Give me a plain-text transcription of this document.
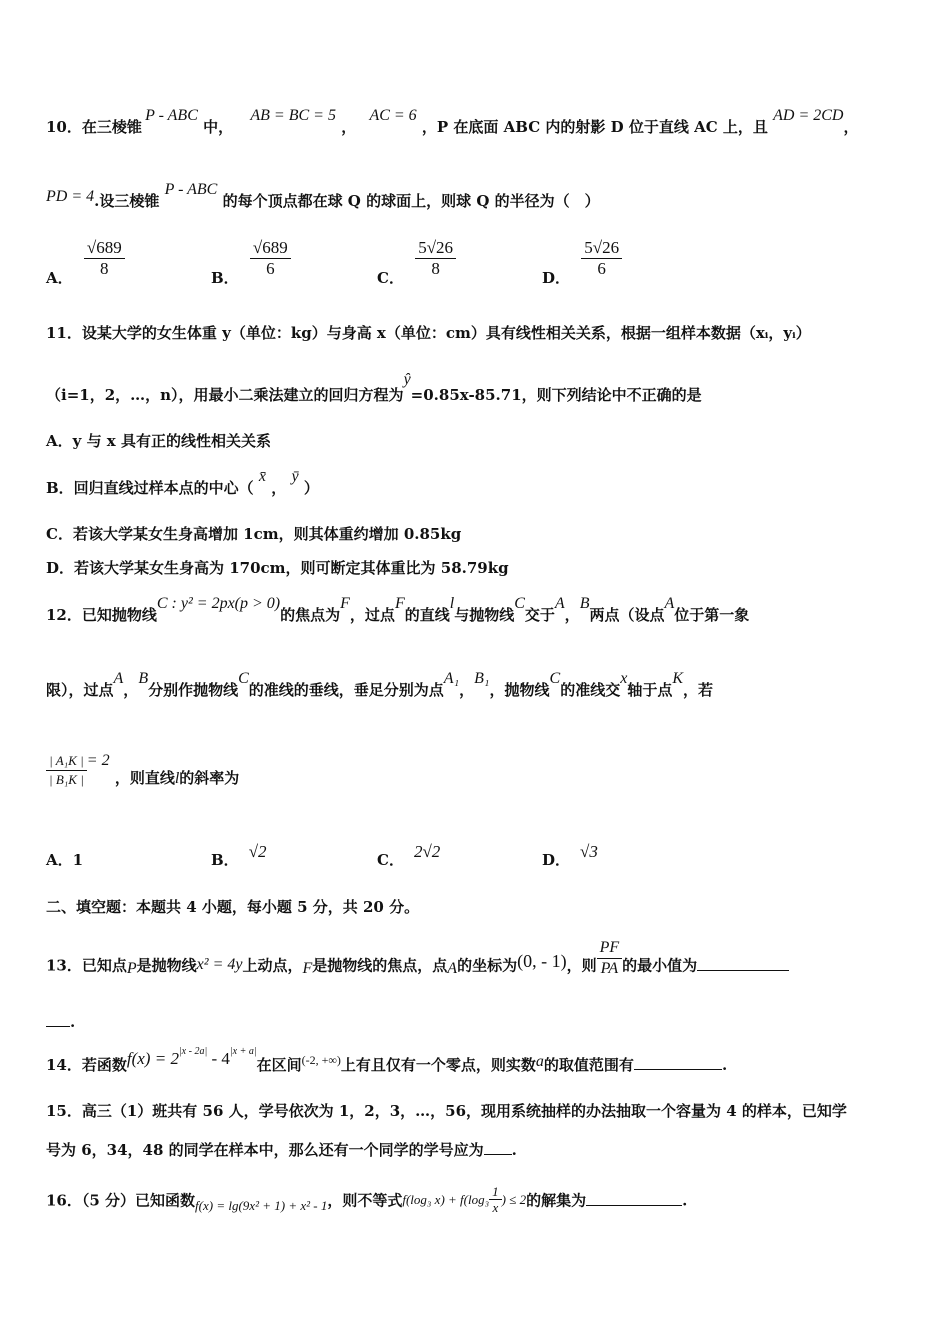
10．在三棱锥 P - ABC 中， AB = BC = 5 ， AC = 6 ，P 在底面 ABC 内的射影 D 位于直线 AC 上，且 AD = 2CD，
PD = 4.设三棱锥 P - ABC 的每个顶点都在球 Q 的球面上，则球 Q 的半径为（　）
A． $\frac{√689}{8}$	B． $\frac{√689}{6}$	C． $\frac{5√26}{8}$	D． $\frac{5√26}{6}$
11．设某大学的女生体重 y（单位：kg）与身高 x（单位：cm）具有线性相关关系，根据一组样本数据（xᵢ，yᵢ）
（i=1，2，…，n），用最小二乘法建立的回归方程为ŷ=0.85x-85.71，则下列结论中不正确的是
A．y 与 x 具有正的线性相关关系
B．回归直线过样本点的中心（ x̄ ， ȳ ）
C．若该大学某女生身高增加 1cm，则其体重约增加 0.85kg
D．若该大学某女生身高为 170cm，则可断定其体重比为 58.79kg
12．已知抛物线C : y² = 2px(p > 0)的焦点为F，过点F的直线l与抛物线C交于A，B两点（设点A位于第一象
限），过点A，B分别作抛物线C的准线的垂线，垂足分别为点A₁，B₁，抛物线C的准线交x轴于点K，若
$\frac{\text{| A₁K |}}{\text{| B₁K |}} = 2$ ，则直线l的斜率为
A．1	B． √2	C． 2√2	D． √3
二、填空题：本题共 4 小题，每小题 5 分，共 20 分。
13．已知点P是抛物线x² = 4y上动点，F是抛物线的焦点，点A的坐标为(0, - 1)，则 $\frac{PF}{PA}$ 的最小值为
.
14．若函数$f(x) = 2^{|x - 2a|} - 4^{|x + a|}$在区间$^{(-2, +\infty)}$上有且仅有一个零点，则实数a的取值范围有	.
15．高三（1）班共有 56 人，学号依次为 1，2，3，…，56，现用系统抽样的办法抽取一个容量为 4 的样本，已知学
号为 6，34，48 的同学在样本中，那么还有一个同学的学号应为 .
16．（5 分）已知函数f(x) = lg(9x² + 1) + x² - 1，则不等式f(log₃ $x) + f(\log_3 \frac{1}{x}$ ) ≤ 2的解集为	.
